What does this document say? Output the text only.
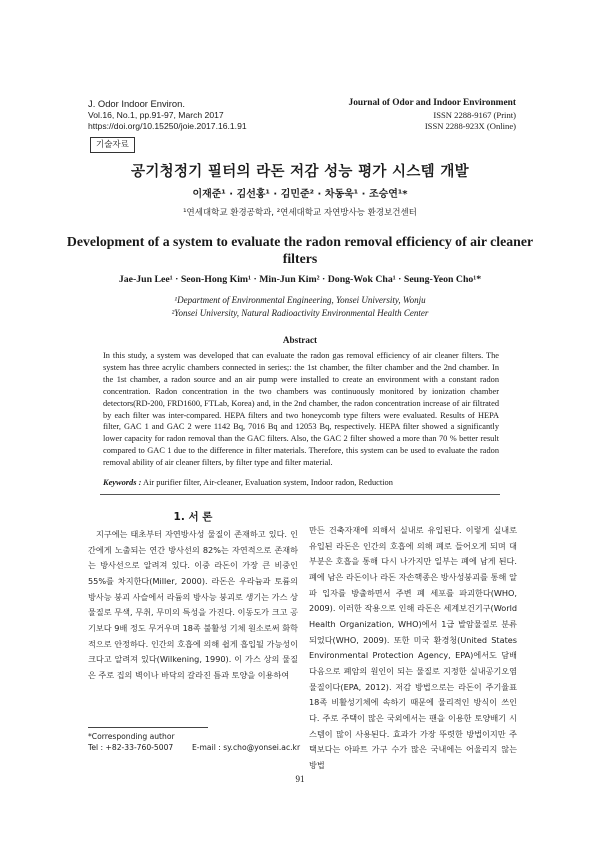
J. Odor Indoor Environ.
Vol.16, No.1, pp.91-97, March 2017
https://doi.org/10.15250/joie.2017.16.1.91
Journal of Odor and Indoor Environment
ISSN 2288-9167 (Print)
ISSN 2288-923X (Online)
기술자료
공기청정기 필터의 라돈 저감 성능 평가 시스템 개발
이재준¹ · 김선홍¹ · 김민준² · 차동욱¹ · 조승연¹*
¹연세대학교 환경공학과, ²연세대학교 자연방사능 환경보건센터
Development of a system to evaluate the radon removal efficiency of air cleaner filters
Jae-Jun Lee¹ · Seon-Hong Kim¹ · Min-Jun Kim² · Dong-Wok Cha¹ · Seung-Yeon Cho¹*
¹Department of Environmental Engineering, Yonsei University, Wonju
²Yonsei University, Natural Radioactivity Environmental Health Center
Abstract
In this study, a system was developed that can evaluate the radon gas removal efficiency of air cleaner filters. The system has three acrylic chambers connected in series;: the 1st chamber, the filter chamber and the 2nd chamber. In the 1st chamber, a radon source and an air pump were installed to create an environment with a constant radon concentration. Radon concentration in the two chambers was continuously monitored by ionization chamber detectors(RD-200, FRD1600, FTLab, Korea) and, in the 2nd chamber, the radon concentration increase of air filtrated by each filter was inter-compared. HEPA filters and two honeycomb type filters were evaluated. Results of HEPA filter, GAC 1 and GAC 2 were 1142 Bq, 7016 Bq and 12053 Bq, respectively. HEPA filter showed a significantly lower capacity for radon removal than the GAC filters. Also, the GAC 2 filter showed a more than 70 % better result compared to GAC 1 due to the difference in filter materials. Therefore, this system can be used to evaluate the radon removal ability of air cleaner filters, by filter type and filter material.
Keywords : Air purifier filter, Air-cleaner, Evaluation system, Indoor radon, Reduction
1. 서 론
지구에는 태초부터 자연방사성 물질이 존재하고 있다. 인간에게 노출되는 연간 방사선의 82%는 자연적으로 존재하는 방사선으로 알려져 있다. 이중 라돈이 가장 큰 비중인 55%를 차지한다(Miller, 2000). 라돈은 우라늄과 토륨의 방사능 붕괴 사슬에서 라듐의 방사능 붕괴로 생기는 가스 상 물질로 무색, 무취, 무미의 특성을 가진다. 이동도가 크고 공기보다 9배 정도 무거우며 18족 불활성 기체 원소로써 화학적으로 안정하다. 인간의 호흡에 의해 쉽게 흡입될 가능성이 크다고 알려져 있다(Wilkening, 1990). 이 가스 상의 물질은 주로 집의 벽이나 바닥의 갈라진 틈과 토양을 이용하여
만든 건축자재에 의해서 실내로 유입된다. 이렇게 실내로 유입된 라돈은 인간의 호흡에 의해 폐로 들어오게 되며 대부분은 호흡을 통해 다시 나가지만 일부는 폐에 남게 된다. 폐에 남은 라돈이나 라돈 자손핵종은 방사성붕괴를 통해 알파 입자를 방출하면서 주변 폐 세포를 파괴한다(WHO, 2009). 이러한 작용으로 인해 라돈은 세계보건기구(World Health Organization, WHO)에서 1급 발암물질로 분류되었다(WHO, 2009). 또한 미국 환경청(United States Environmental Protection Agency, EPA)에서도 담배 다음으로 폐암의 원인이 되는 물질로 지정한 실내공기오염 물질이다(EPA, 2012). 저감 방법으로는 라돈이 주기율표 18족 비활성기체에 속하기 때문에 물리적인 방식이 쓰인다. 주로 주택이 많은 국외에서는 팬을 이용한 토양배기 시스템이 많이 사용된다. 효과가 가장 뚜렷한 방법이지만 주택보다는 아파트 가구 수가 많은 국내에는 어울리지 않는 방법
*Corresponding author
Tel : +82-33-760-5007 E-mail : sy.cho@yonsei.ac.kr
91
